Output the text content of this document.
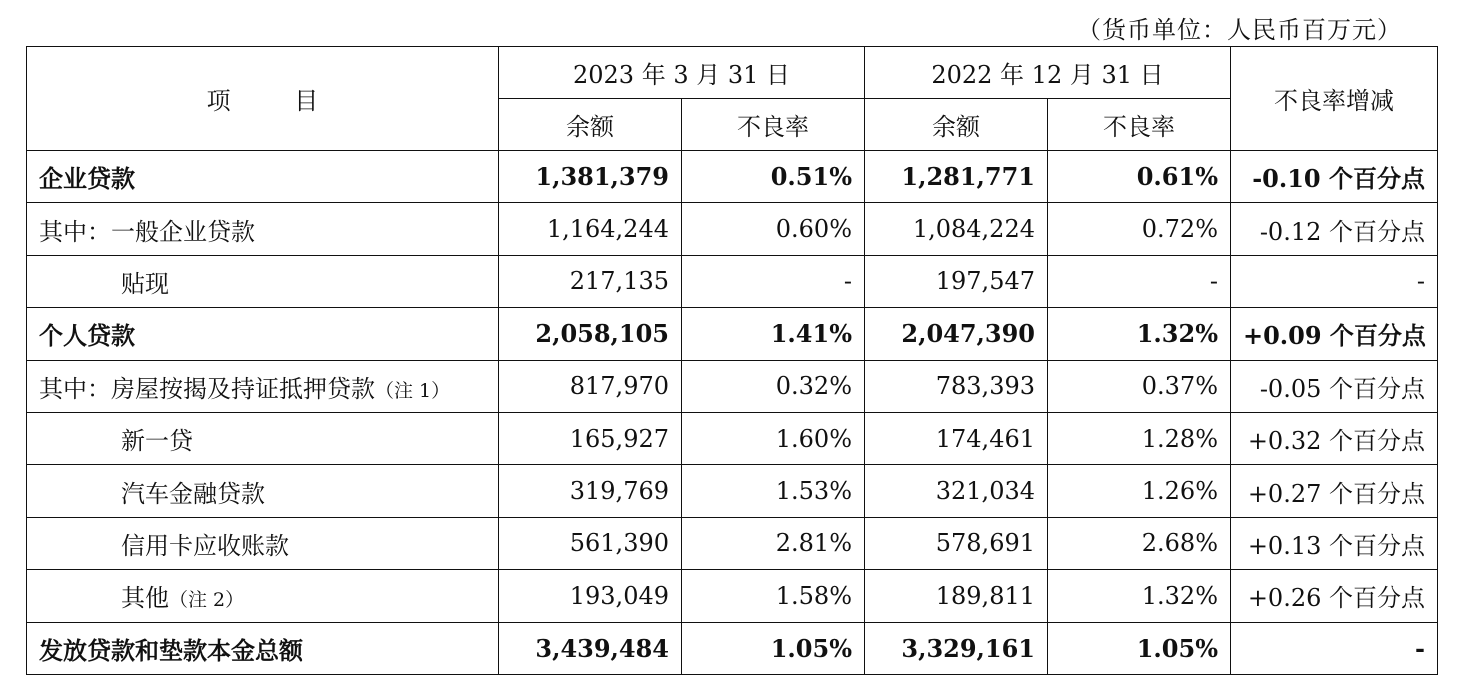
（货币单位：人民币百万元）
项 目	2023 年 3 月 31 日		2022 年 12 月 31 日		不良率增减
	余额	不良率	余额	不良率	
企业贷款	1,381,379	0.51%	1,281,771	0.61%	-0.10 个百分点
其中：一般企业贷款	1,164,244	0.60%	1,084,224	0.72%	-0.12 个百分点
贴现	217,135	-	197,547	-	-
个人贷款	2,058,105	1.41%	2,047,390	1.32%	+0.09 个百分点
其中：房屋按揭及持证抵押贷款（注 1）	817,970	0.32%	783,393	0.37%	-0.05 个百分点
新一贷	165,927	1.60%	174,461	1.28%	+0.32 个百分点
汽车金融贷款	319,769	1.53%	321,034	1.26%	+0.27 个百分点
信用卡应收账款	561,390	2.81%	578,691	2.68%	+0.13 个百分点
其他（注 2）	193,049	1.58%	189,811	1.32%	+0.26 个百分点
发放贷款和垫款本金总额	3,439,484	1.05%	3,329,161	1.05%	-
